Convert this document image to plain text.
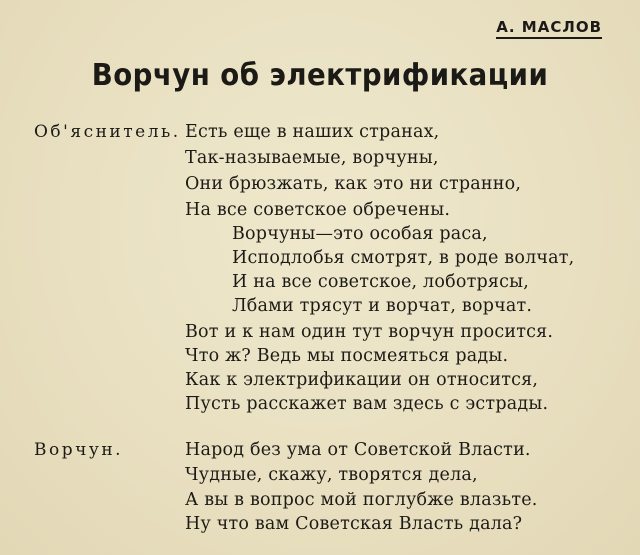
А. МАСЛОВ
Ворчун об электрификации
Об'яснитель. Есть еще в наших странах,
Так-называемые, ворчуны,
Они брюзжать, как это ни странно,
На все советское обречены.
Ворчуны—это особая раса,
Исподлобья смотрят, в роде волчат,
И на все советское, лоботрясы,
Лбами трясут и ворчат, ворчат.
Вот и к нам один тут ворчун просится.
Что ж? Ведь мы посмеяться рады.
Как к электрификации он относится,
Пусть расскажет вам здесь с эстрады.
Ворчун.	Народ без ума от Советской Власти.
Чудные, скажу, творятся дела,
А вы в вопрос мой поглубже влазьте.
Ну что вам Советская Власть дала?
